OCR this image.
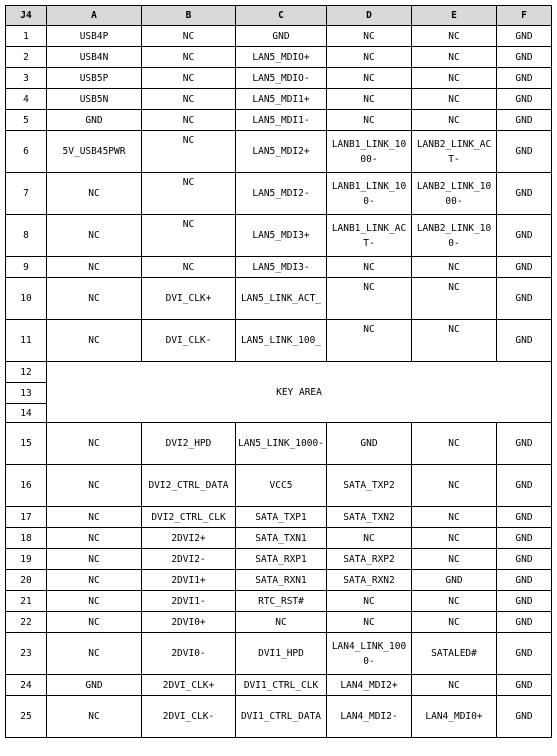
J4	A	B	C	D	E	F
1	USB4P	NC	GND	NC	NC	GND
2	USB4N	NC	LAN5_MDIO+	NC	NC	GND
3	USB5P	NC	LAN5_MDIO-	NC	NC	GND
4	USB5N	NC	LAN5_MDI1+	NC	NC	GND
5	GND	NC	LAN5_MDI1-	NC	NC	GND
6	5V_USB45PWR	NC	LAN5_MDI2+	LANB1_LINK_1000-	LANB2_LINK_ACT-	GND
7	NC	NC	LAN5_MDI2-	LANB1_LINK_100-	LANB2_LINK_1000-	GND
8	NC	NC	LAN5_MDI3+	LANB1_LINK_ACT-	LANB2_LINK_100-	GND
9	NC	NC	LAN5_MDI3-	NC	NC	GND
10	NC	DVI_CLK+	LAN5_LINK_ACT_	NC	NC	GND
11	NC	DVI_CLK-	LAN5_LINK_100_	NC	NC	GND
12	KEY AREA					
13						
14						
15	NC	DVI2_HPD	LAN5_LINK_1000-	GND	NC	GND
16	NC	DVI2_CTRL_DATA	VCC5	SATA_TXP2	NC	GND
17	NC	DVI2_CTRL_CLK	SATA_TXP1	SATA_TXN2	NC	GND
18	NC	2DVI2+	SATA_TXN1	NC	NC	GND
19	NC	2DVI2-	SATA_RXP1	SATA_RXP2	NC	GND
20	NC	2DVI1+	SATA_RXN1	SATA_RXN2	GND	GND
21	NC	2DVI1-	RTC_RST#	NC	NC	GND
22	NC	2DVI0+	NC	NC	NC	GND
23	NC	2DVI0-	DVI1_HPD	LAN4_LINK_1000-	SATALED#	GND
24	GND	2DVI_CLK+	DVI1_CTRL_CLK	LAN4_MDI2+	NC	GND
25	NC	2DVI_CLK-	DVI1_CTRL_DATA	LAN4_MDI2-	LAN4_MDI0+	GND
